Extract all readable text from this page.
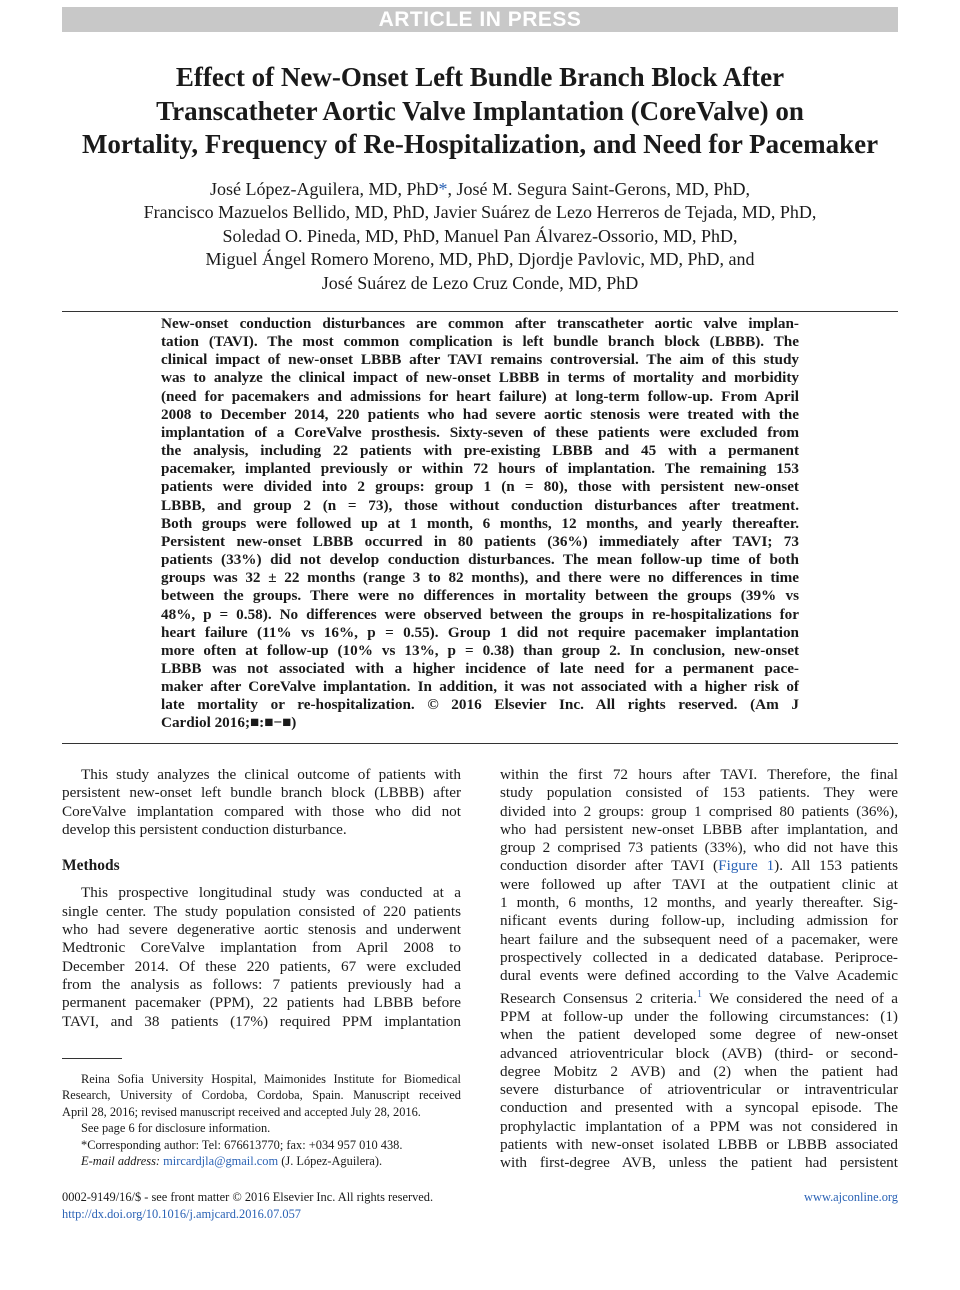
ARTICLE IN PRESS
Effect of New-Onset Left Bundle Branch Block After
Transcatheter Aortic Valve Implantation (CoreValve) on
Mortality, Frequency of Re-Hospitalization, and Need for Pacemaker
José López-Aguilera, MD, PhD*, José M. Segura Saint-Gerons, MD, PhD,
Francisco Mazuelos Bellido, MD, PhD, Javier Suárez de Lezo Herreros de Tejada, MD, PhD,
Soledad O. Pineda, MD, PhD, Manuel Pan Álvarez-Ossorio, MD, PhD,
Miguel Ángel Romero Moreno, MD, PhD, Djordje Pavlovic, MD, PhD, and
José Suárez de Lezo Cruz Conde, MD, PhD
New-onset conduction disturbances are common after transcatheter aortic valve implan-
tation (TAVI). The most common complication is left bundle branch block (LBBB). The
clinical impact of new-onset LBBB after TAVI remains controversial. The aim of this study
was to analyze the clinical impact of new-onset LBBB in terms of mortality and morbidity
(need for pacemakers and admissions for heart failure) at long-term follow-up. From April
2008 to December 2014, 220 patients who had severe aortic stenosis were treated with the
implantation of a CoreValve prosthesis. Sixty-seven of these patients were excluded from
the analysis, including 22 patients with pre-existing LBBB and 45 with a permanent
pacemaker, implanted previously or within 72 hours of implantation. The remaining 153
patients were divided into 2 groups: group 1 (n = 80), those with persistent new-onset
LBBB, and group 2 (n = 73), those without conduction disturbances after treatment.
Both groups were followed up at 1 month, 6 months, 12 months, and yearly thereafter.
Persistent new-onset LBBB occurred in 80 patients (36%) immediately after TAVI; 73
patients (33%) did not develop conduction disturbances. The mean follow-up time of both
groups was 32 ± 22 months (range 3 to 82 months), and there were no differences in time
between the groups. There were no differences in mortality between the groups (39% vs
48%, p = 0.58). No differences were observed between the groups in re-hospitalizations for
heart failure (11% vs 16%, p = 0.55). Group 1 did not require pacemaker implantation
more often at follow-up (10% vs 13%, p = 0.38) than group 2. In conclusion, new-onset
LBBB was not associated with a higher incidence of late need for a permanent pace-
maker after CoreValve implantation. In addition, it was not associated with a higher risk of
late mortality or re-hospitalization. © 2016 Elsevier Inc. All rights reserved. (Am J
Cardiol 2016;■:■−■)
This study analyzes the clinical outcome of patients with
persistent new-onset left bundle branch block (LBBB) after
CoreValve implantation compared with those who did not
develop this persistent conduction disturbance.
Methods
This prospective longitudinal study was conducted at a
single center. The study population consisted of 220 patients
who had severe degenerative aortic stenosis and underwent
Medtronic CoreValve implantation from April 2008 to
December 2014. Of these 220 patients, 67 were excluded
from the analysis as follows: 7 patients previously had a
permanent pacemaker (PPM), 22 patients had LBBB before
TAVI, and 38 patients (17%) required PPM implantation
within the first 72 hours after TAVI. Therefore, the final
study population consisted of 153 patients. They were
divided into 2 groups: group 1 comprised 80 patients (36%),
who had persistent new-onset LBBB after implantation, and
group 2 comprised 73 patients (33%), who did not have this
conduction disorder after TAVI (Figure 1). All 153 patients
were followed up after TAVI at the outpatient clinic at
1 month, 6 months, 12 months, and yearly thereafter. Sig-
nificant events during follow-up, including admission for
heart failure and the subsequent need of a pacemaker, were
prospectively collected in a dedicated database. Periproce-
dural events were defined according to the Valve Academic
Research Consensus 2 criteria.$^1$ We considered the need of a
PPM at follow-up under the following circumstances: (1)
when the patient developed some degree of new-onset
advanced atrioventricular block (AVB) (third- or second-
degree Mobitz 2 AVB) and (2) when the patient had
severe disturbance of atrioventricular or intraventricular
conduction and presented with a syncopal episode. The
prophylactic implantation of a PPM was not considered in
patients with new-onset isolated LBBB or LBBB associated
with first-degree AVB, unless the patient had persistent
Reina Sofia University Hospital, Maimonides Institute for Biomedical
Research, University of Cordoba, Cordoba, Spain. Manuscript received
April 28, 2016; revised manuscript received and accepted July 28, 2016.
See page 6 for disclosure information.
*Corresponding author: Tel: 676613770; fax: +034 957 010 438.
E-mail address: mircardjla@gmail.com (J. López-Aguilera).
0002-9149/16/$ - see front matter © 2016 Elsevier Inc. All rights reserved.
http://dx.doi.org/10.1016/j.amjcard.2016.07.057
www.ajconline.org
